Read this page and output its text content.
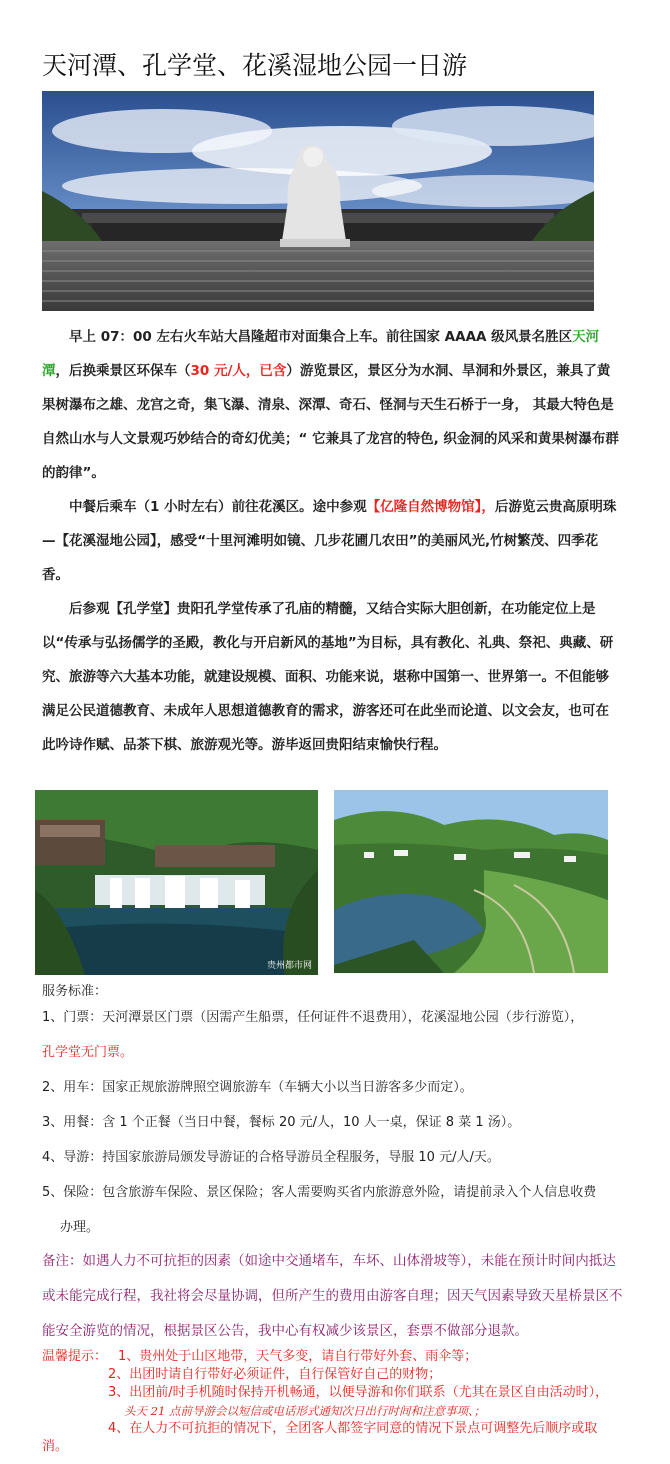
天河潭、孔学堂、花溪湿地公园一日游

早上 07：00 左右火车站大昌隆超市对面集合上车。前往国家 AAAA 级风景名胜区天河潭，后换乘景区环保车（30 元/人，已含）游览景区，景区分为水洞、旱洞和外景区，兼具了黄果树瀑布之雄、龙宫之奇，集飞瀑、清泉、深潭、奇石、怪洞与天生石桥于一身， 其最大特色是自然山水与人文景观巧妙结合的奇幻优美；“ 它兼具了龙宫的特色, 织金洞的风采和黄果树瀑布群的韵律”。

中餐后乘车（1 小时左右）前往花溪区。途中参观【亿隆自然博物馆】，后游览云贵高原明珠—【花溪湿地公园】，感受“十里河滩明如镜、几步花圃几农田”的美丽风光,竹树繁茂、四季花香。

后参观【孔学堂】贵阳孔学堂传承了孔庙的精髓，又结合实际大胆创新，在功能定位上是以“传承与弘扬儒学的圣殿，教化与开启新风的基地”为目标，具有教化、礼典、祭祀、典藏、研究、旅游等六大基本功能，就建设规模、面积、功能来说，堪称中国第一、世界第一。不但能够满足公民道德教育、未成年人思想道德教育的需求，游客还可在此坐而论道、以文会友，也可在此吟诗作赋、品茶下棋、旅游观光等。游毕返回贵阳结束愉快行程。

贵州都市网
服务标准：
1、门票：天河潭景区门票（因需产生船票，任何证件不退费用），花溪湿地公园（步行游览），
孔学堂无门票。
2、用车：国家正规旅游牌照空调旅游车（车辆大小以当日游客多少而定）。
3、用餐：含 1 个正餐（当日中餐，餐标 20 元/人，10 人一桌，保证 8 菜 1 汤）。
4、导游：持国家旅游局颁发导游证的合格导游员全程服务，导服 10 元/人/天。
5、保险：包含旅游车保险、景区保险；客人需要购买省内旅游意外险，请提前录入个人信息收费
办理。
备注：如遇人力不可抗拒的因素（如途中交通堵车，车坏、山体滑坡等），未能在预计时间内抵达或未能完成行程，我社将会尽量协调，但所产生的费用由游客自理；因天气因素导致天星桥景区不能安全游览的情况，根据景区公告，我中心有权减少该景区，套票不做部分退款。
温馨提示： 1、贵州处于山区地带，天气多变，请自行带好外套、雨伞等；
2、出团时请自行带好必须证件，自行保管好自己的财物；
3、出团前/时手机随时保持开机畅通，以便导游和你们联系（尤其在景区自由活动时），
头天 21 点前导游会以短信或电话形式通知次日出行时间和注意事项、；
4、在人力不可抗拒的情况下，全团客人都签字同意的情况下景点可调整先后顺序或取
消。
